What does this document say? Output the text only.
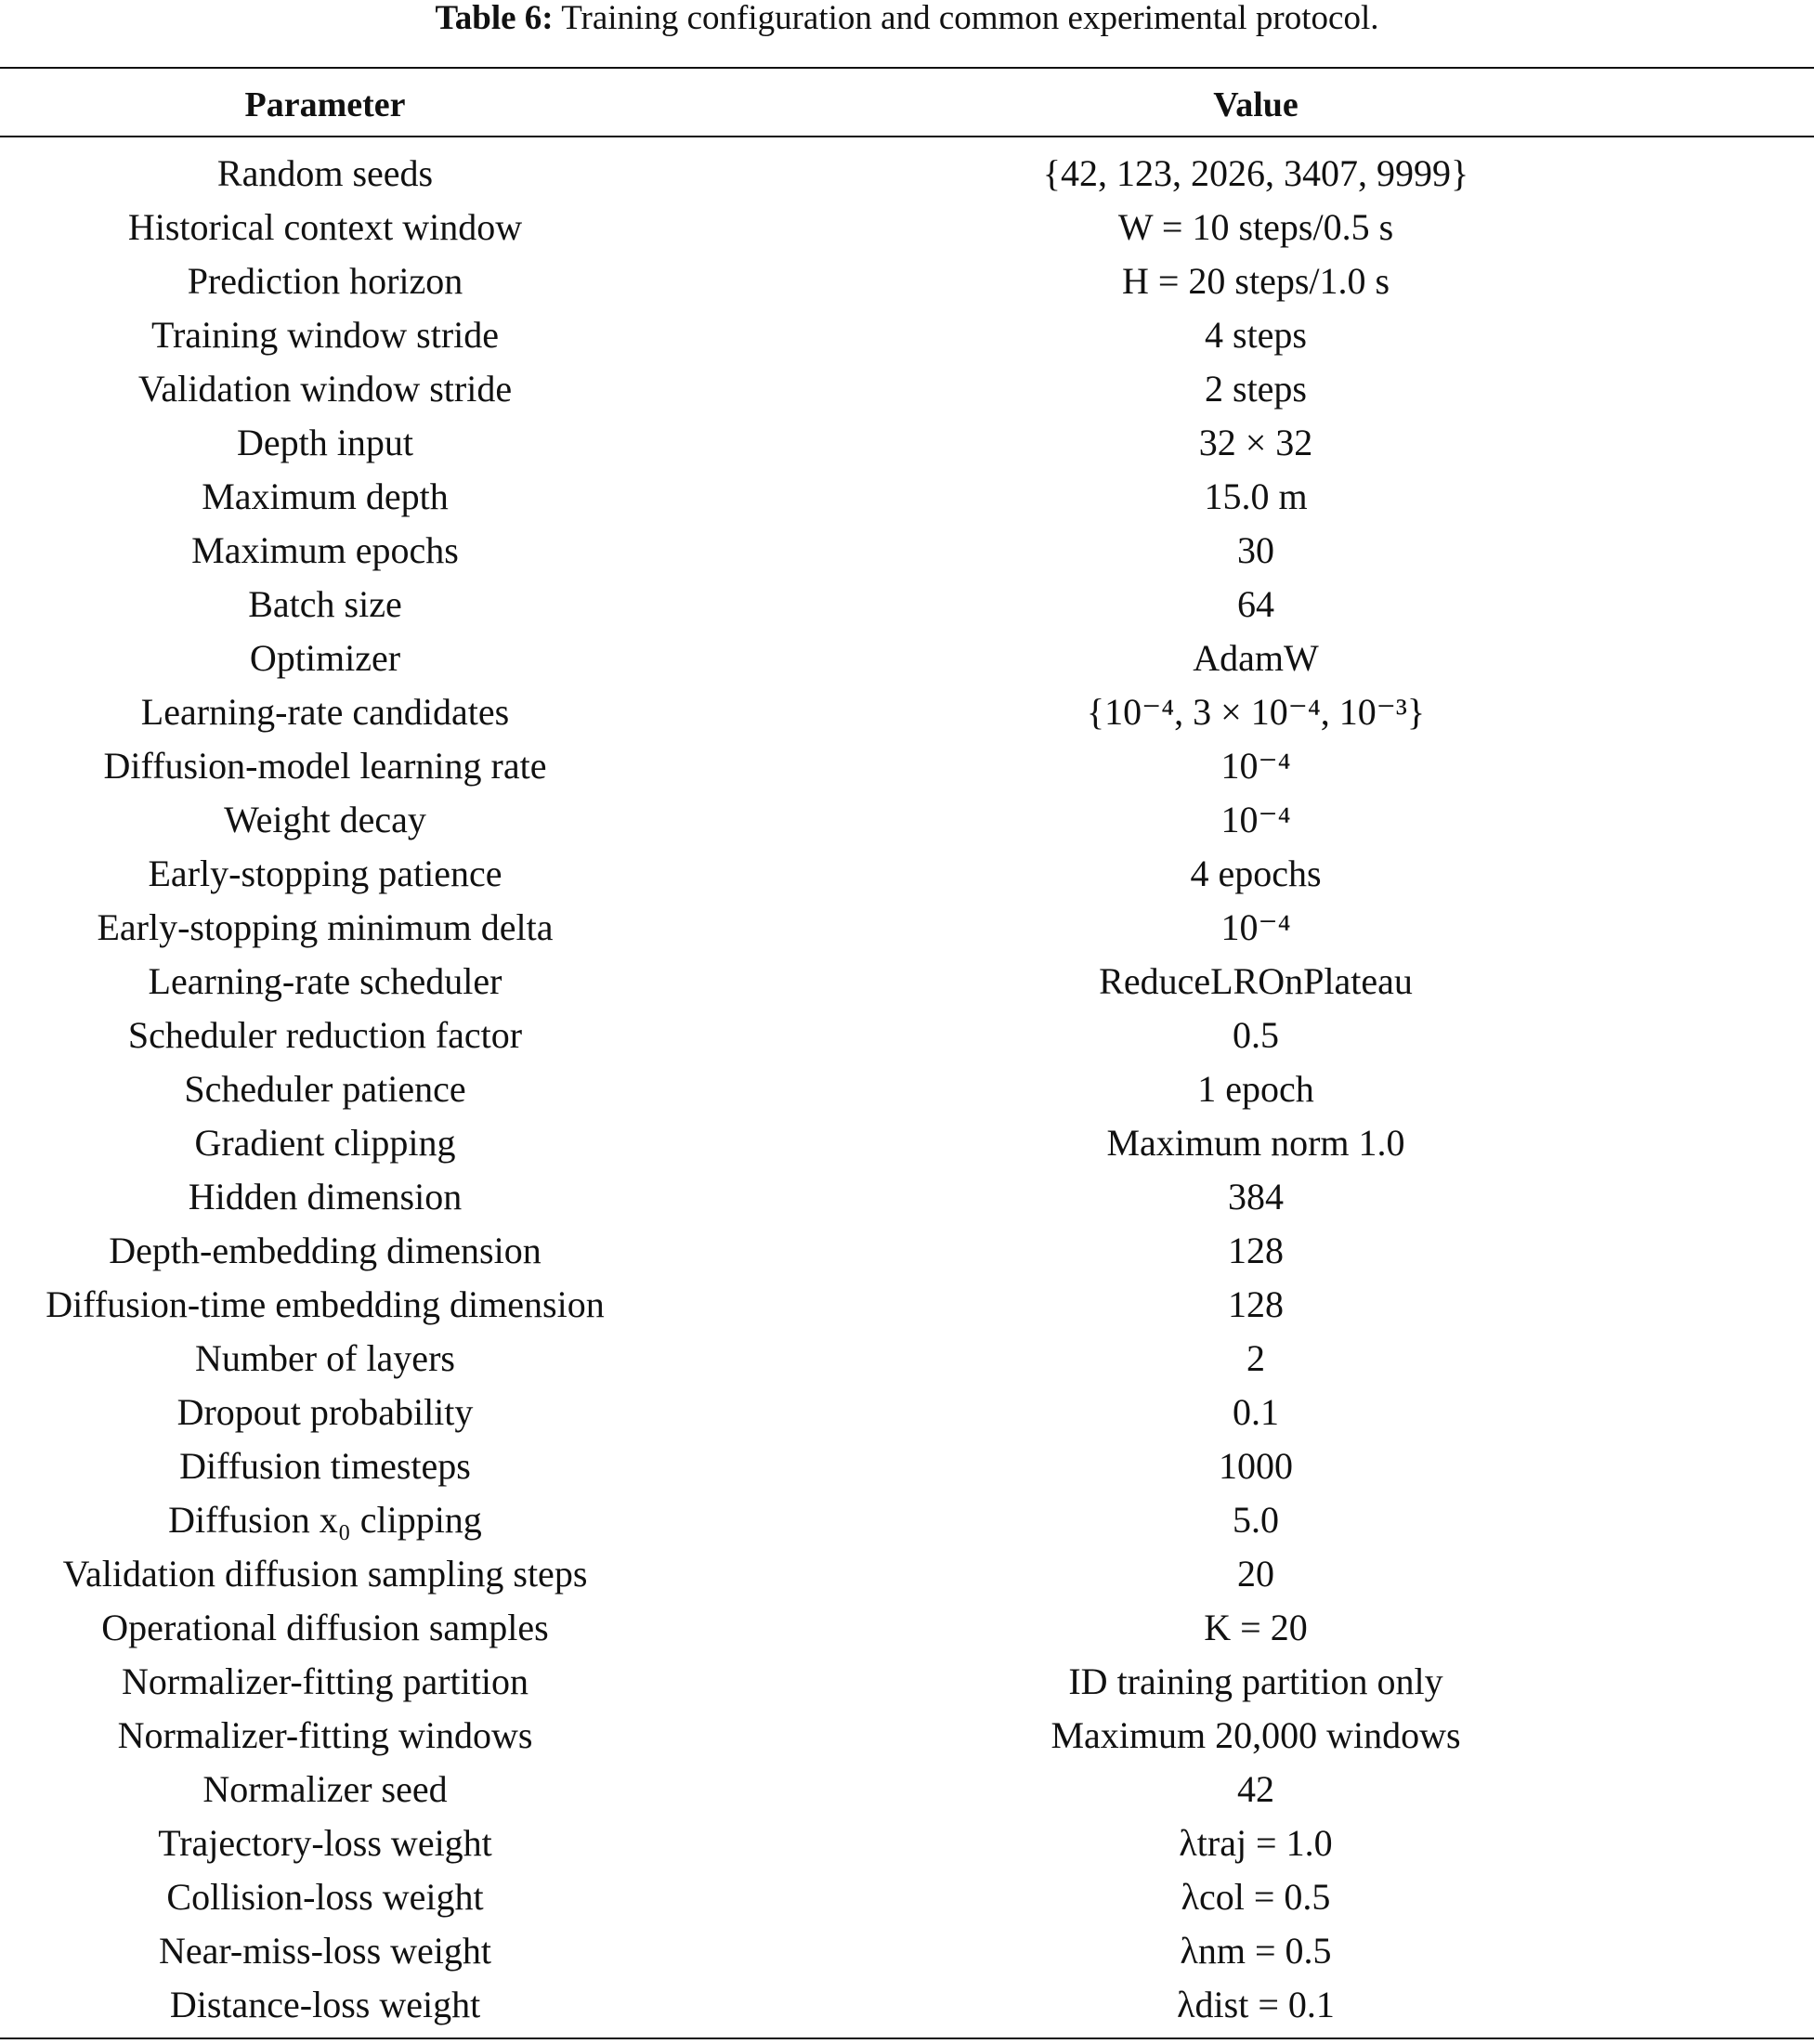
Table 6: Training configuration and common experimental protocol.
Parameter	Value
Random seeds	{42, 123, 2026, 3407, 9999}
Historical context window	W = 10 steps/0.5 s
Prediction horizon	H = 20 steps/1.0 s
Training window stride	4 steps
Validation window stride	2 steps
Depth input	32 × 32
Maximum depth	15.0 m
Maximum epochs	30
Batch size	64
Optimizer	AdamW
Learning-rate candidates	{10⁻⁴, 3 × 10⁻⁴, 10⁻³}
Diffusion-model learning rate	10⁻⁴
Weight decay	10⁻⁴
Early-stopping patience	4 epochs
Early-stopping minimum delta	10⁻⁴
Learning-rate scheduler	ReduceLROnPlateau
Scheduler reduction factor	0.5
Scheduler patience	1 epoch
Gradient clipping	Maximum norm 1.0
Hidden dimension	384
Depth-embedding dimension	128
Diffusion-time embedding dimension	128
Number of layers	2
Dropout probability	0.1
Diffusion timesteps	1000
Diffusion x₀ clipping	5.0
Validation diffusion sampling steps	20
Operational diffusion samples	K = 20
Normalizer-fitting partition	ID training partition only
Normalizer-fitting windows	Maximum 20,000 windows
Normalizer seed	42
Trajectory-loss weight	λtraj = 1.0
Collision-loss weight	λcol = 0.5
Near-miss-loss weight	λnm = 0.5
Distance-loss weight	λdist = 0.1
